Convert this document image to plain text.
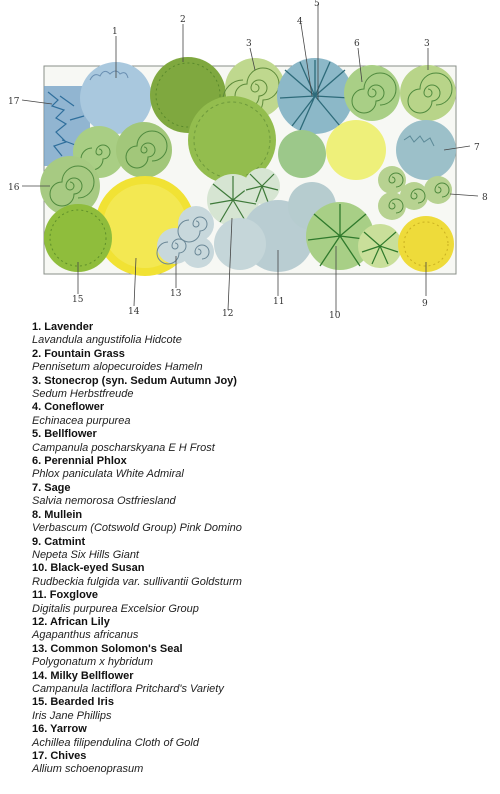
1
2
3
4
5
6	3
7
8
9
10
11
12
13
14
15
16
17
1. Lavender
Lavandula angustifolia Hidcote
2. Fountain Grass
Pennisetum alopecuroides Hameln
3. Stonecrop (syn. Sedum Autumn Joy)
Sedum Herbstfreude
4. Coneflower
Echinacea purpurea
5. Bellflower
Campanula poscharskyana E H Frost
6. Perennial Phlox
Phlox paniculata White Admiral
7. Sage
Salvia nemorosa Ostfriesland
8. Mullein
Verbascum (Cotswold Group) Pink Domino
9. Catmint
Nepeta Six Hills Giant
10. Black-eyed Susan
Rudbeckia fulgida var. sullivantii Goldsturm
11. Foxglove
Digitalis purpurea Excelsior Group
12. African Lily
Agapanthus africanus
13. Common Solomon's Seal
Polygonatum x hybridum
14. Milky Bellflower
Campanula lactiflora Pritchard's Variety
15. Bearded Iris
Iris Jane Phillips
16. Yarrow
Achillea filipendulina Cloth of Gold
17. Chives
Allium schoenoprasum
